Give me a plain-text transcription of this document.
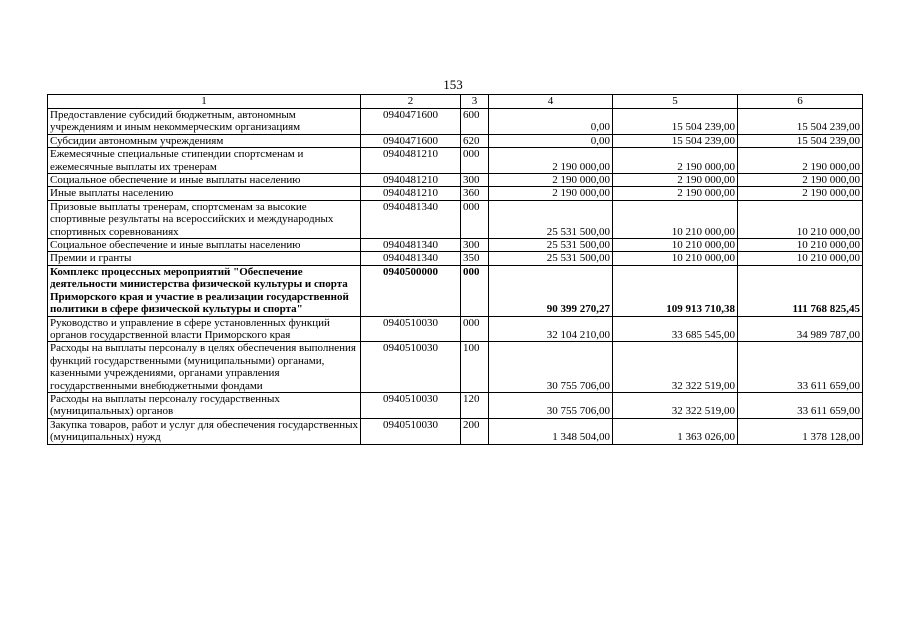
153
1	2	3	4	5	6
Предоставление субсидий бюджетным, автономным учреждениям и иным некоммерческим организациям	0940471600	600	0,00	15 504 239,00	15 504 239,00
Субсидии автономным учреждениям	0940471600	620	0,00	15 504 239,00	15 504 239,00
Ежемесячные специальные стипендии спортсменам и ежемесячные выплаты их тренерам	0940481210	000	2 190 000,00	2 190 000,00	2 190 000,00
Социальное обеспечение и иные выплаты населению	0940481210	300	2 190 000,00	2 190 000,00	2 190 000,00
Иные выплаты населению	0940481210	360	2 190 000,00	2 190 000,00	2 190 000,00
Призовые выплаты тренерам, спортсменам за высокие спортивные результаты на всероссийских и международных спортивных соревнованиях	0940481340	000	25 531 500,00	10 210 000,00	10 210 000,00
Социальное обеспечение и иные выплаты населению	0940481340	300	25 531 500,00	10 210 000,00	10 210 000,00
Премии и гранты	0940481340	350	25 531 500,00	10 210 000,00	10 210 000,00
Комплекс процессных мероприятий "Обеспечение деятельности министерства физической культуры и спорта Приморского края и участие в реализации государственной политики в сфере физической культуры и спорта"	0940500000	000	90 399 270,27	109 913 710,38	111 768 825,45
Руководство и управление в сфере установленных функций органов государственной власти Приморского края	0940510030	000	32 104 210,00	33 685 545,00	34 989 787,00
Расходы на выплаты персоналу в целях обеспечения выполнения функций государственными (муниципальными) органами, казенными учреждениями, органами управления государственными внебюджетными фондами	0940510030	100	30 755 706,00	32 322 519,00	33 611 659,00
Расходы на выплаты персоналу государственных (муниципальных) органов	0940510030	120	30 755 706,00	32 322 519,00	33 611 659,00
Закупка товаров, работ и услуг для обеспечения государственных (муниципальных) нужд	0940510030	200	1 348 504,00	1 363 026,00	1 378 128,00
